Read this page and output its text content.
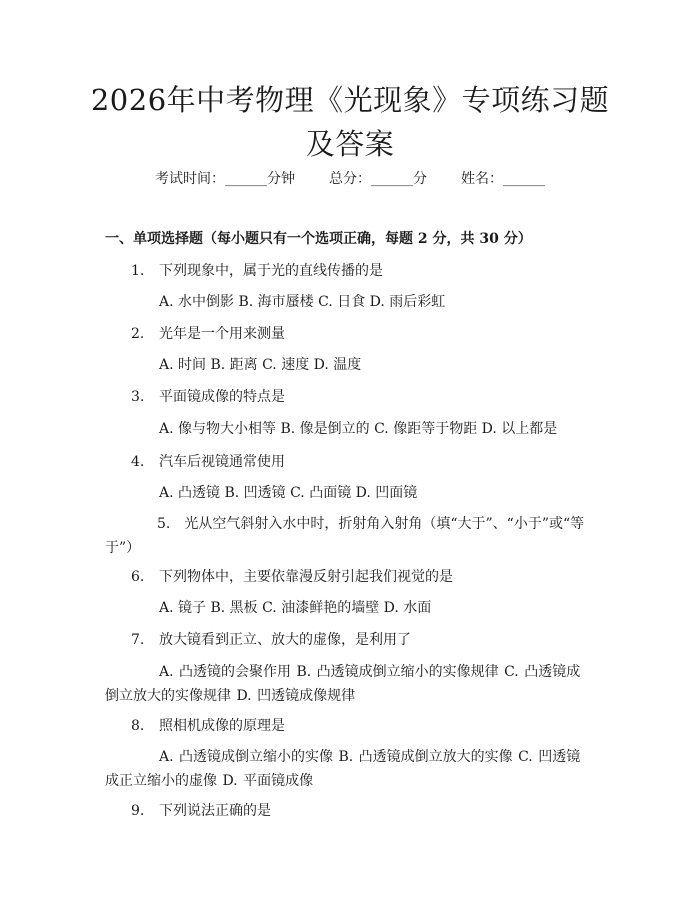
2026年中考物理《光现象》专项练习题及答案
考试时间：______分钟 总分：______分 姓名：______
一、单项选择题（每小题只有一个选项正确，每题 2 分，共 30 分）
1. 下列现象中，属于光的直线传播的是
A. 水中倒影 B. 海市蜃楼 C. 日食 D. 雨后彩虹
2. 光年是一个用来测量
A. 时间 B. 距离 C. 速度 D. 温度
3. 平面镜成像的特点是
A. 像与物大小相等 B. 像是倒立的 C. 像距等于物距 D. 以上都是
4. 汽车后视镜通常使用
A. 凸透镜 B. 凹透镜 C. 凸面镜 D. 凹面镜
5. 光从空气斜射入水中时，折射角入射角（填“大于”、“小于”或“等于”）
6. 下列物体中，主要依靠漫反射引起我们视觉的是
A. 镜子 B. 黑板 C. 油漆鲜艳的墙壁 D. 水面
7. 放大镜看到正立、放大的虚像，是利用了
A. 凸透镜的会聚作用 B. 凸透镜成倒立缩小的实像规律 C. 凸透镜成倒立放大的实像规律 D. 凹透镜成像规律
8. 照相机成像的原理是
A. 凸透镜成倒立缩小的实像 B. 凸透镜成倒立放大的实像 C. 凹透镜成正立缩小的虚像 D. 平面镜成像
9. 下列说法正确的是
